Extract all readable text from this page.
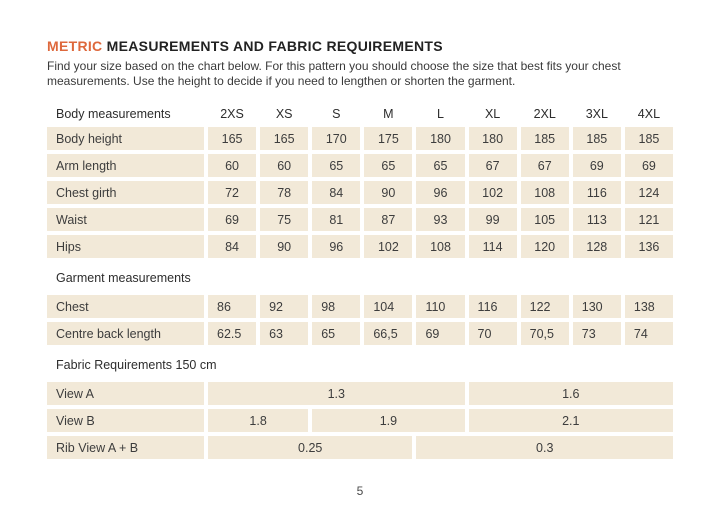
METRIC MEASUREMENTS AND FABRIC REQUIREMENTS

Find your size based on the chart below. For this pattern you should choose the size that best fits your chest measurements. Use the height to decide if you need to lengthen or shorten the garment.

Body measurements	2XS	XS	S	M	L	XL	2XL	3XL	4XL
Body height	165	165	170	175	180	180	185	185	185
Arm length	60	60	65	65	65	67	67	69	69
Chest girth	72	78	84	90	96	102	108	116	124
Waist	69	75	81	87	93	99	105	113	121
Hips	84	90	96	102	108	114	120	128	136
Garment measurements
Chest	86	92	98	104	110	116	122	130	138
Centre back length	62.5	63	65	66,5	69	70	70,5	73	74
Fabric Requirements 150 cm
View A	1.3	1.6
View B	1.8	1.9	2.1
Rib View A + B	0.25	0.3
5
